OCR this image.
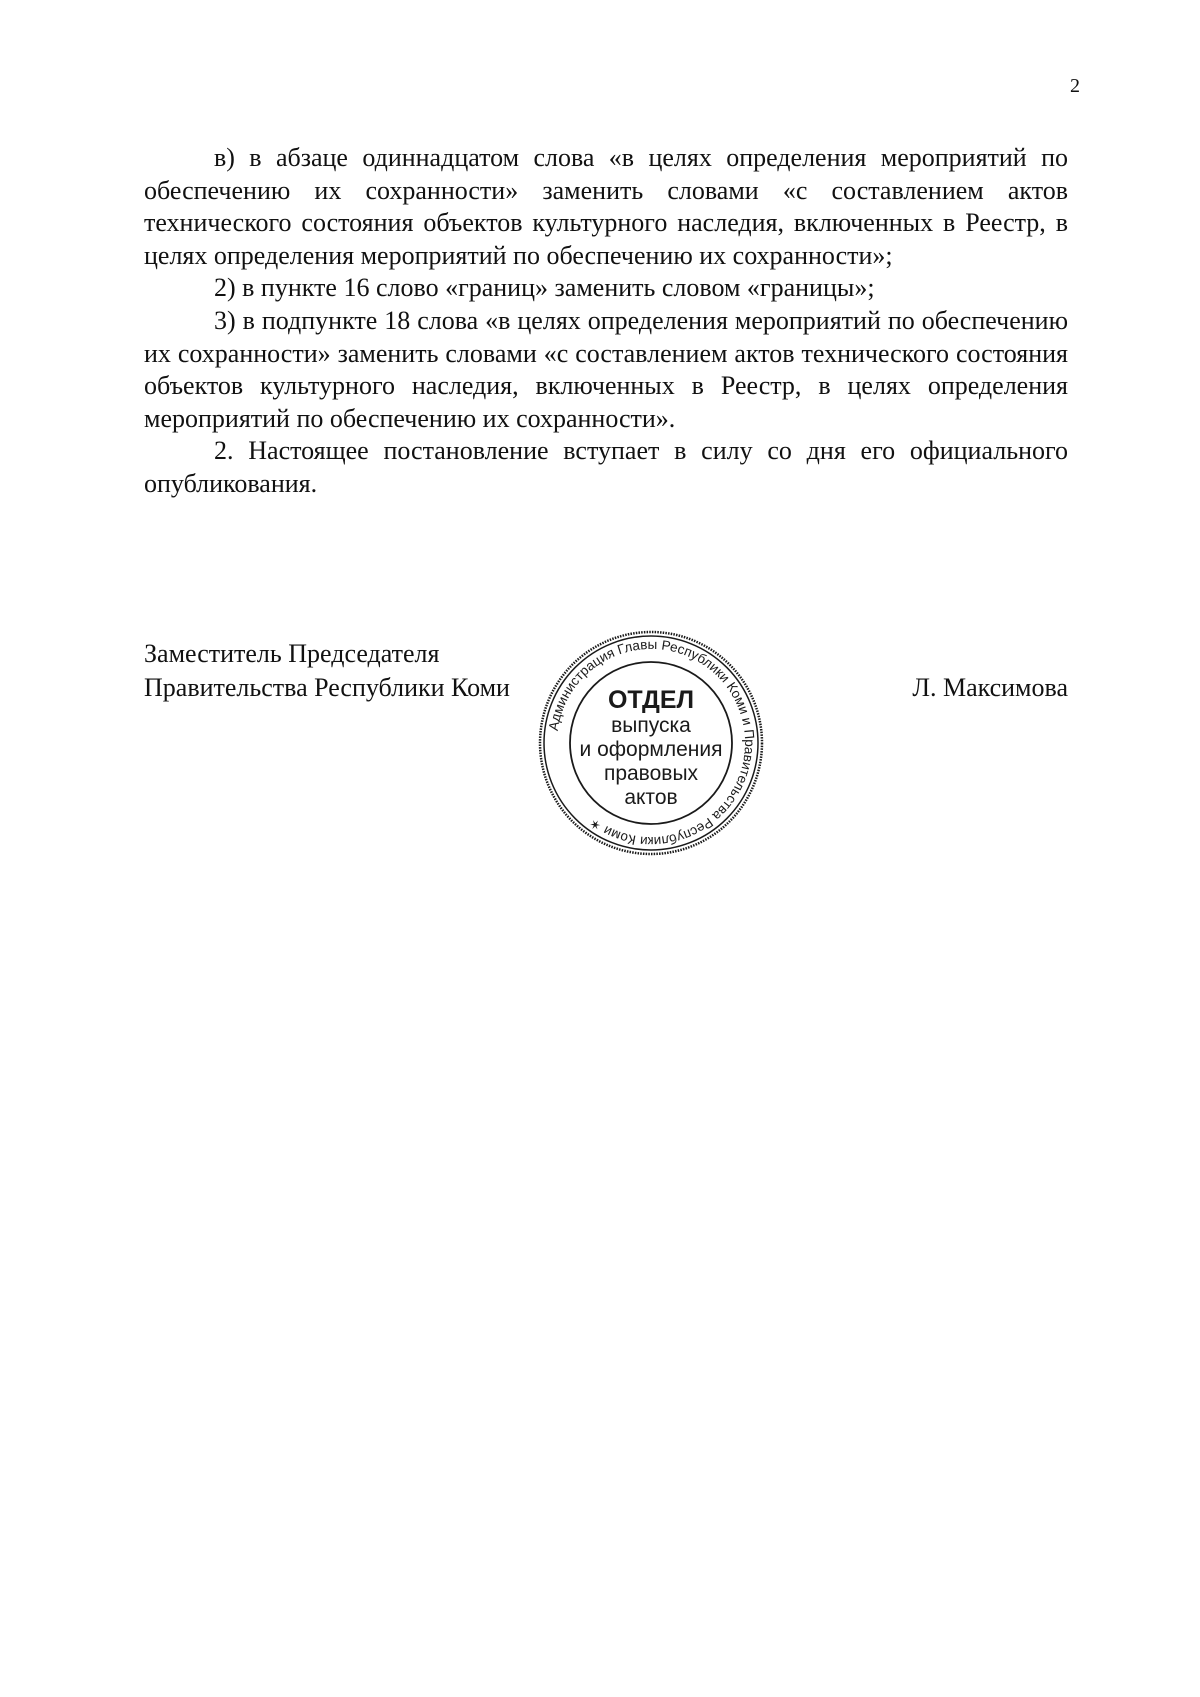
2

в) в абзаце одиннадцатом слова «в целях определения мероприятий по обеспечению их сохранности» заменить словами «с составлением актов технического состояния объектов культурного наследия, включенных в Реестр, в целях определения мероприятий по обеспечению их сохранности»;

2) в пункте 16 слово «границ» заменить словом «границы»;

3) в подпункте 18 слова «в целях определения мероприятий по обеспечению их сохранности» заменить словами «с составлением актов технического состояния объектов культурного наследия, включенных в Реестр, в целях определения мероприятий по обеспечению их сохранности».

2. Настоящее постановление вступает в силу со дня его официального опубликования.

Заместитель Председателя
Правительства Республики Коми	Л. Максимова
Администрация Главы Республики Коми и Правительства Республики Коми ✶
ОТДЕЛ
выпуска
и оформления
правовых
актов
